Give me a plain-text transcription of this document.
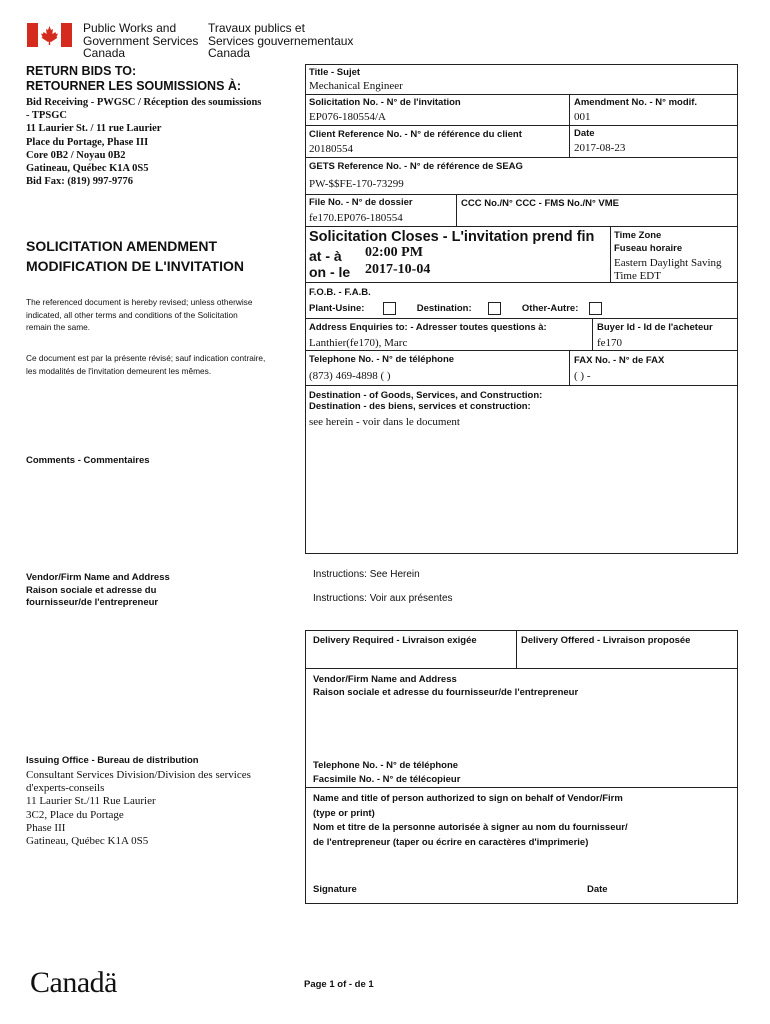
Public Works and
Government Services
Canada
Travaux publics et
Services gouvernementaux
Canada
RETURN BIDS TO:
RETOURNER LES SOUMISSIONS À:
Bid Receiving - PWGSC / Réception des soumissions
- TPSGC
11 Laurier St. / 11 rue Laurier
Place du Portage, Phase III
Core 0B2 / Noyau 0B2
Gatineau, Québec K1A 0S5
Bid Fax: (819) 997-9776
SOLICITATION AMENDMENT
MODIFICATION DE L'INVITATION
The referenced document is hereby revised; unless otherwise
indicated, all other terms and conditions of the Solicitation
remain the same.
Ce document est par la présente révisé; sauf indication contraire,
les modalités de l'invitation demeurent les mêmes.
Comments - Commentaires
Vendor/Firm Name and Address
Raison sociale et adresse du
fournisseur/de l'entrepreneur
Issuing Office - Bureau de distribution
Consultant Services Division/Division des services
d'experts-conseils
11 Laurier St./11 Rue Laurier
3C2, Place du Portage
Phase III
Gatineau, Québec K1A 0S5
Title - Sujet
Mechanical Engineer
Solicitation No. - N° de l'invitation
EP076-180554/A
Amendment No. - N° modif.
001
Client Reference No. - N° de référence du client
20180554
Date
2017-08-23
GETS Reference No. - N° de référence de SEAG
PW-$$FE-170-73299
File No. - N° de dossier
fe170.EP076-180554
CCC No./N° CCC - FMS No./N° VME
Solicitation Closes - L'invitation prend fin
at - à 02:00 PM
on - le 2017-10-04
Time Zone
Fuseau horaire
Eastern Daylight Saving
Time EDT
F.O.B. - F.A.B.
Plant-Usine:	Destination:	Other-Autre:
Address Enquiries to: - Adresser toutes questions à:
Lanthier(fe170), Marc
Buyer Id - Id de l'acheteur
fe170
Telephone No. - N° de téléphone
(873) 469-4898 ( )
FAX No. - N° de FAX
( ) -
Destination - of Goods, Services, and Construction:
Destination - des biens, services et construction:
see herein - voir dans le document
Instructions: See Herein
Instructions: Voir aux présentes
Delivery Required - Livraison exigée	Delivery Offered - Livraison proposée
Vendor/Firm Name and Address
Raison sociale et adresse du fournisseur/de l'entrepreneur
Telephone No. - N° de téléphone
Facsimile No. - N° de télécopieur
Name and title of person authorized to sign on behalf of Vendor/Firm
(type or print)
Nom et titre de la personne autorisée à signer au nom du fournisseur/
de l'entrepreneur (taper ou écrire en caractères d'imprimerie)
Signature	Date
Canadä	Page 1 of - de 1
